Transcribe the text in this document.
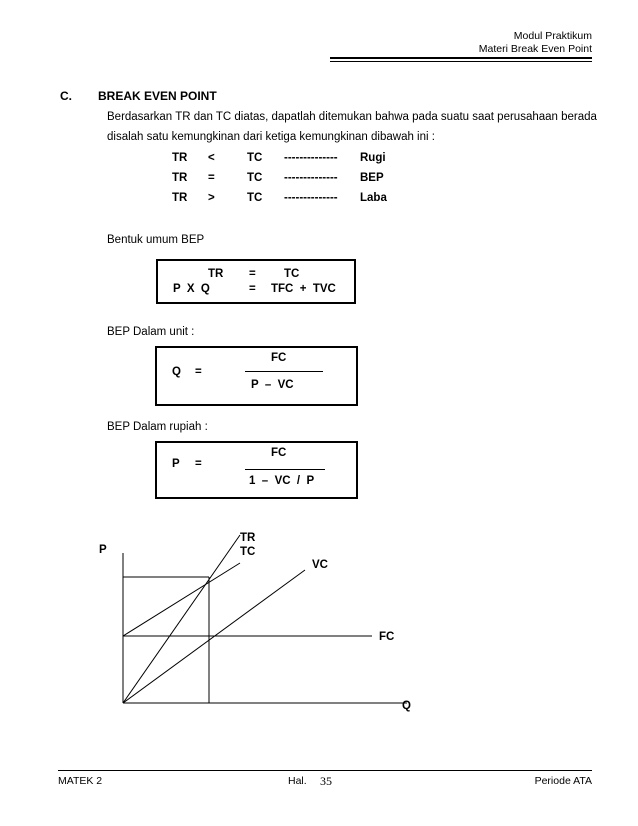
Modul Praktikum
Materi Break Even Point
C. BREAK EVEN POINT
Berdasarkan TR dan TC diatas, dapatlah ditemukan bahwa pada suatu saat perusahaan berada
disalah satu kemungkinan dari ketiga kemungkinan dibawah ini :
TR <	TC -------------- Rugi
TR =	TC -------------- BEP
TR >	TC -------------- Laba
Bentuk umum BEP
TR = TC
P  X  Q	= TFC  +  TVC
BEP Dalam unit :
Q =
FC
P  –  VC
BEP Dalam rupiah :
P =
FC
1  –  VC  /  P
P
Q
TR
TC
VC
FC
MATEK 2	Hal. 35	Periode ATA
